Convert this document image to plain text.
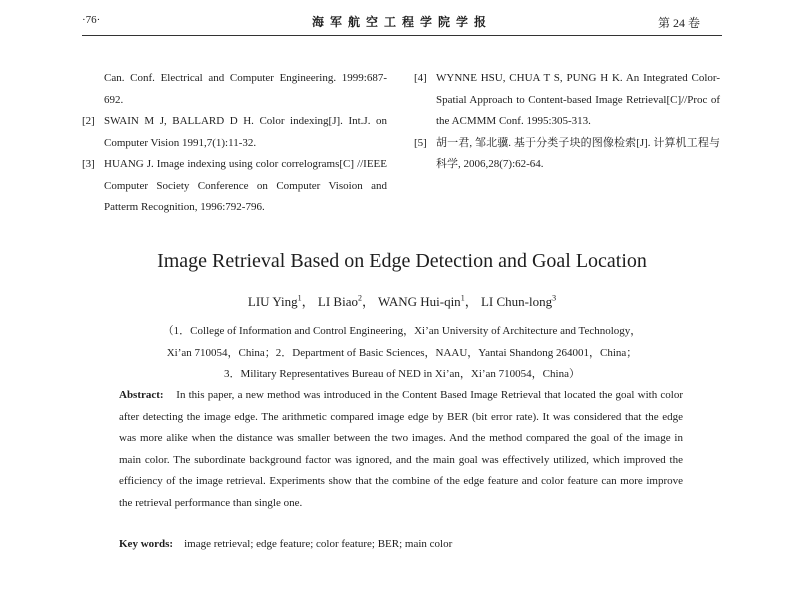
·76·	海军航空工程学院学报	第 24 卷
Can. Conf. Electrical and Computer Engineering. 1999:687-692.
[2] SWAIN M J, BALLARD D H. Color indexing[J]. Int.J. on Computer Vision 1991,7(1):11-32.
[3] HUANG J. Image indexing using color correlograms[C] //IEEE Computer Society Conference on Computer Visoion and Patterm Recognition, 1996:792-796.
[4] WYNNE HSU, CHUA T S, PUNG H K. An Integrated Color-Spatial Approach to Content-based Image Retrieval[C]//Proc of the ACMMM Conf. 1995:305-313.
[5] 胡一君, 邹北骥. 基于分类子块的图像检索[J]. 计算机工程与科学, 2006,28(7):62-64.
Image Retrieval Based on Edge Detection and Goal Location
LIU Ying$^1$， LI Biao$^2$， WANG Hui-qin$^1$， LI Chun-long$^3$
（1．College of Information and Control Engineering，Xi’an University of Architecture and Technology，
Xi’an 710054，China；2．Department of Basic Sciences，NAAU，Yantai Shandong 264001，China；
3．Military Representatives Bureau of NED in Xi’an，Xi’an 710054，China）
Abstract: In this paper, a new method was introduced in the Content Based Image Retrieval that located the goal with color after detecting the image edge. The arithmetic compared image edge by BER (bit error rate). It was considered that the edge was more alike when the distance was smaller between the two images. And the method compared the goal of the image in main color. The subordinate background factor was ignored, and the main goal was effectively utilized, which improved the efficiency of the image retrieval. Experiments show that the combine of the edge feature and color feature can more improve the retrieval performance than single one.
Key words: image retrieval; edge feature; color feature; BER; main color
